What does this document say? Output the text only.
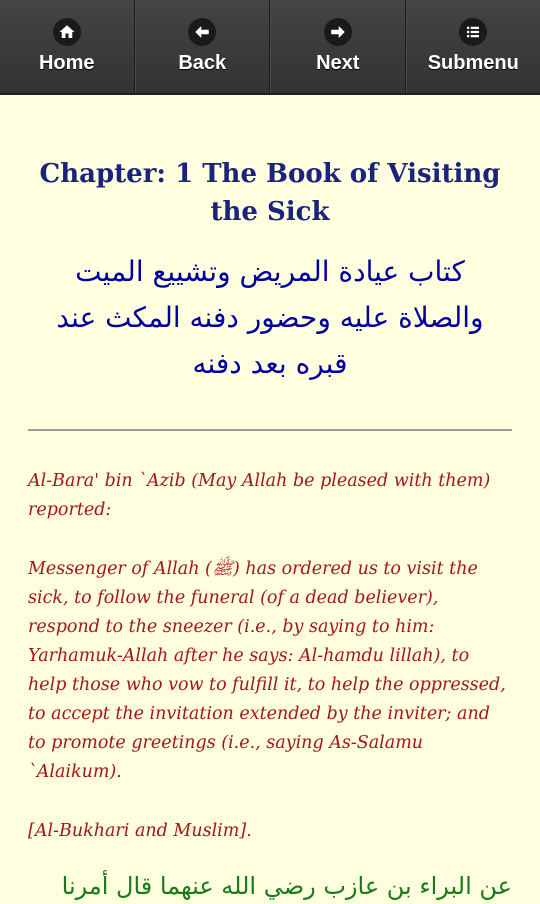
Home	Back	Next	Submenu
Chapter: 1 The Book of Visiting the Sick
كتاب عيادة المريض وتشييع الميت والصلاة عليه وحضور دفنه المكث عند قبره بعد دفنه
Al-Bara' bin `Azib (May Allah be pleased with them) reported:
Messenger of Allah (ﷺ) has ordered us to visit the sick, to follow the funeral (of a dead believer), respond to the sneezer (i.e., by saying to him: Yarhamuk-Allah after he says: Al-hamdu lillah), to help those who vow to fulfill it, to help the oppressed, to accept the invitation extended by the inviter; and to promote greetings (i.e., saying As-Salamu `Alaikum).
[Al-Bukhari and Muslim].
عن البراء بن عازب رضي الله عنهما قال أمرنا
